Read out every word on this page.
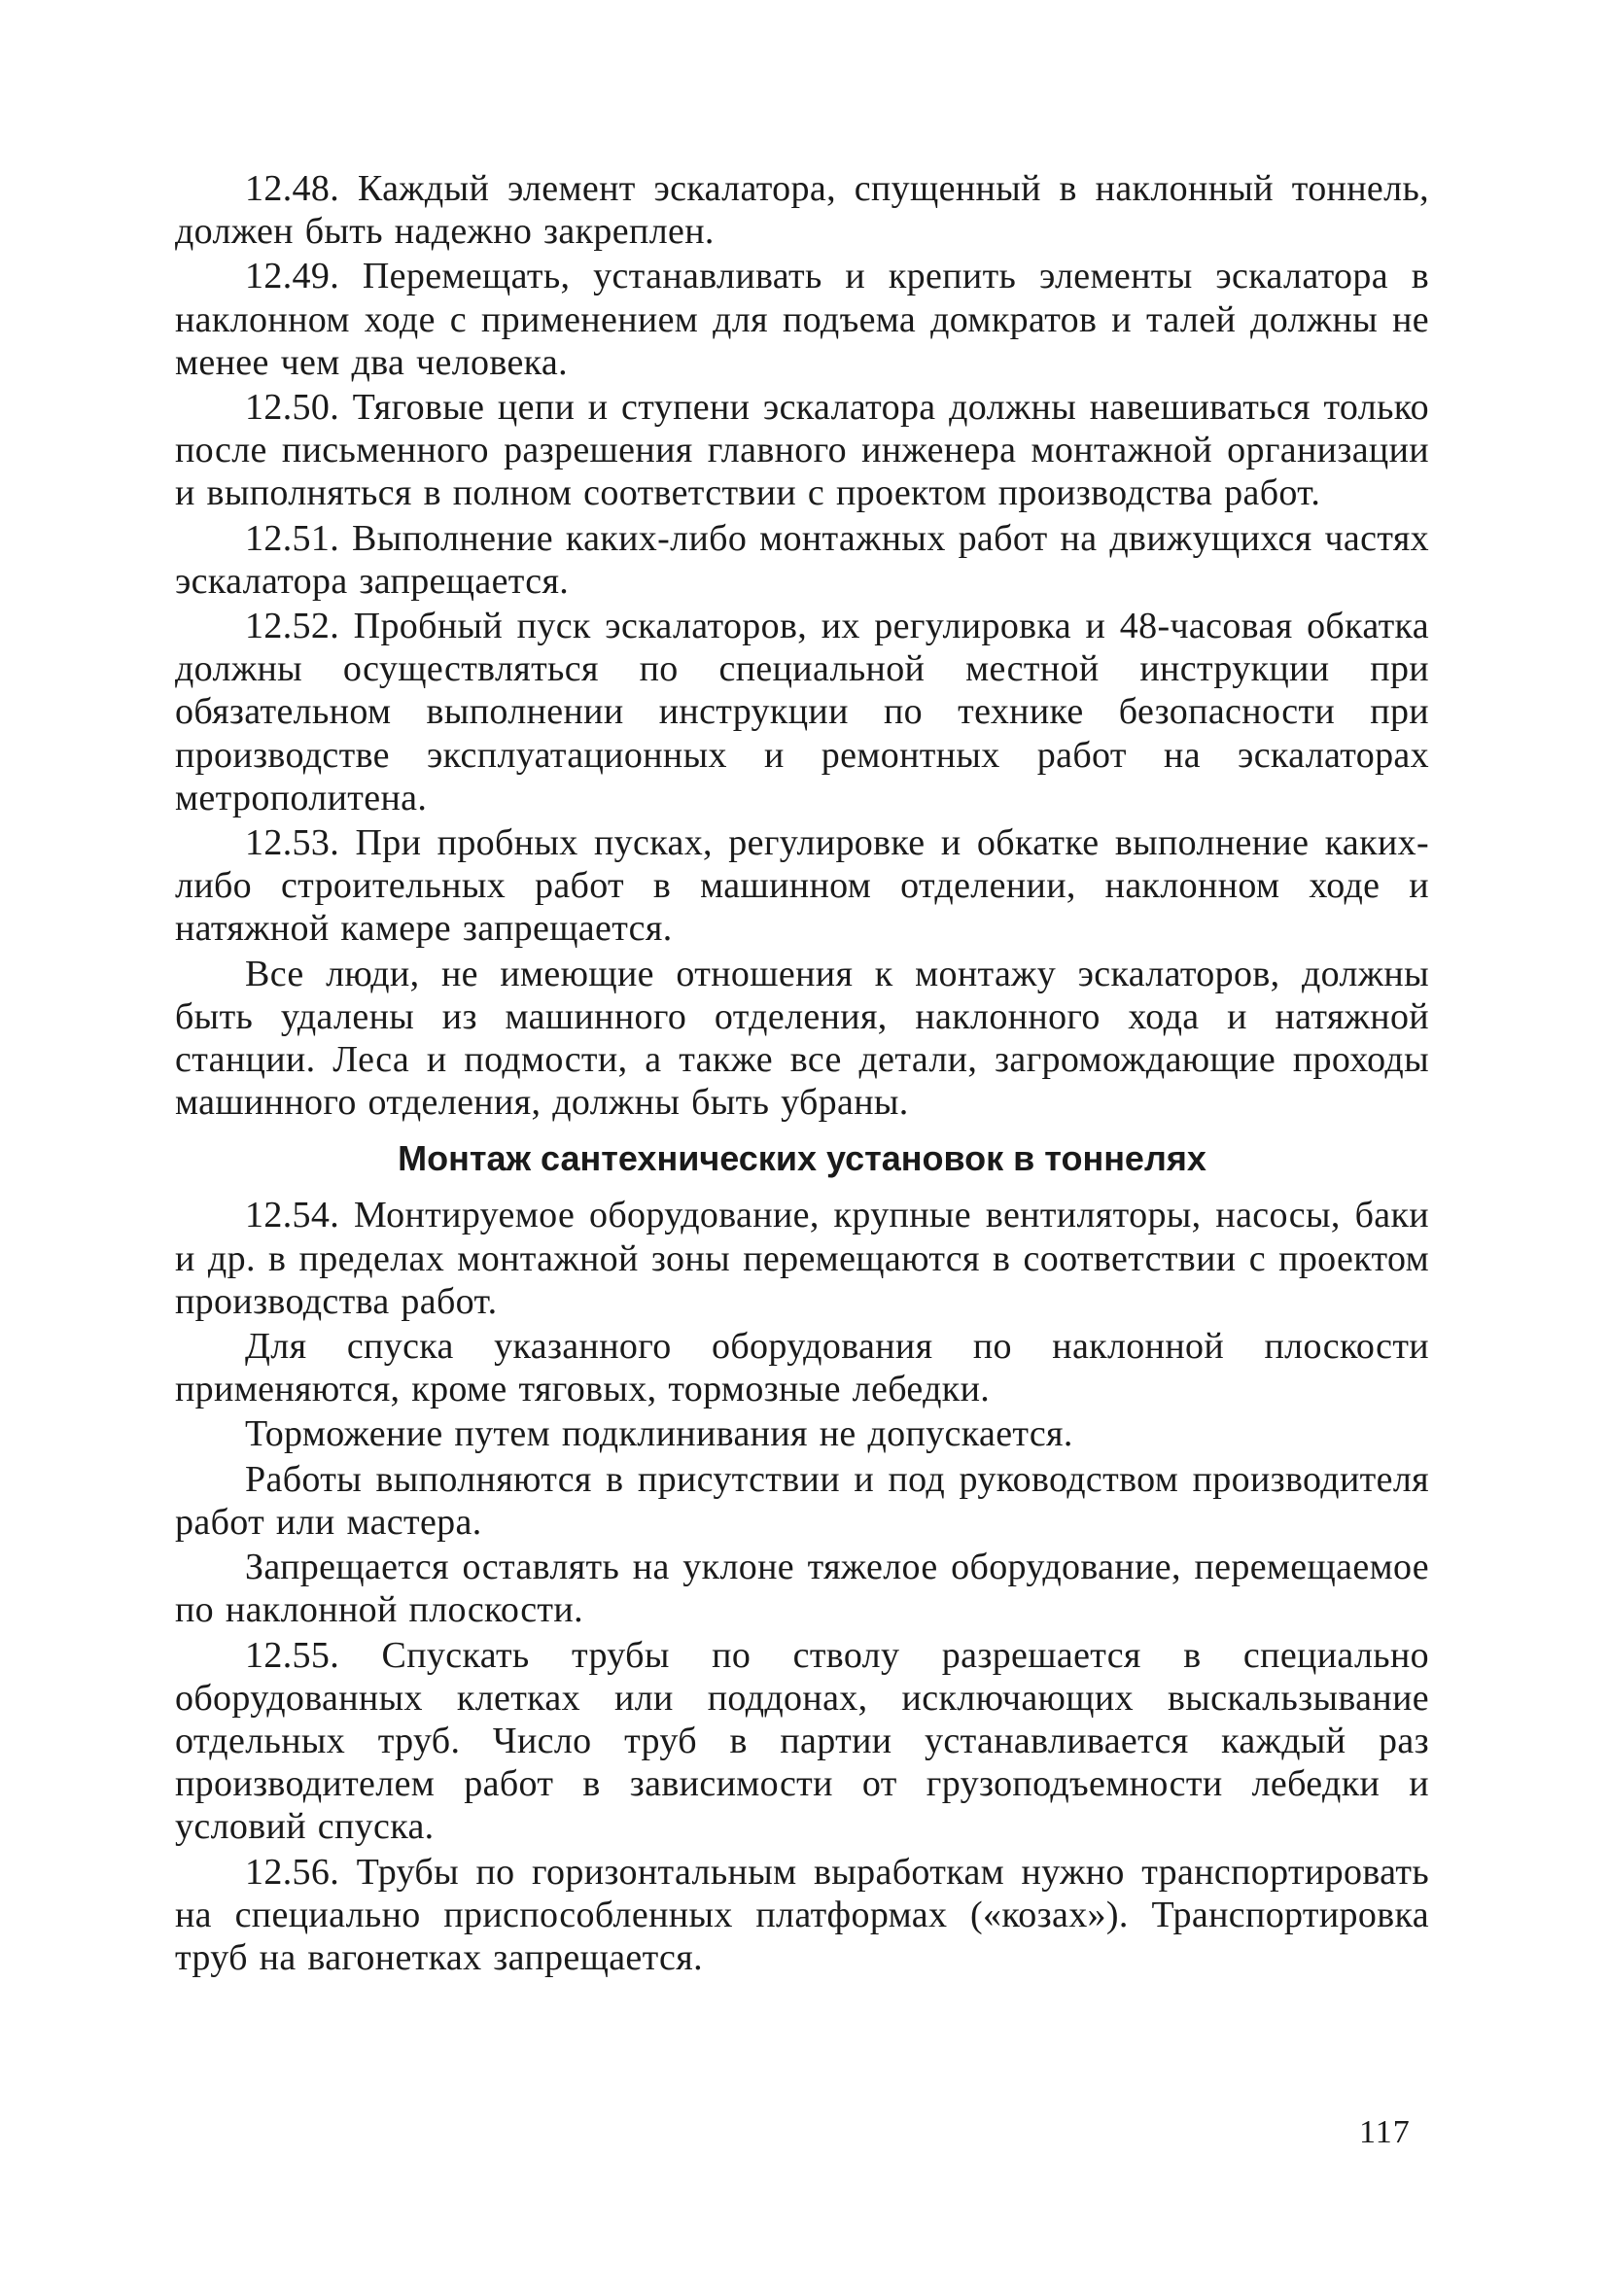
12.48. Каждый элемент эскалатора, спущенный в наклонный тоннель, должен быть надежно закреплен.

12.49. Перемещать, устанавливать и крепить элементы эскалатора в наклонном ходе с применением для подъема домкратов и талей должны не менее чем два человека.

12.50. Тяговые цепи и ступени эскалатора должны навешиваться только после письменного разрешения главного инженера монтажной организации и выполняться в полном соответствии с проектом производства работ.

12.51. Выполнение каких-либо монтажных работ на движущихся частях эскалатора запрещается.

12.52. Пробный пуск эскалаторов, их регулировка и 48-часовая обкатка должны осуществляться по специальной местной инструкции при обязательном выполнении инструкции по технике безопасности при производстве эксплуатационных и ремонтных работ на эскалаторах метрополитена.

12.53. При пробных пусках, регулировке и обкатке выполнение каких-либо строительных работ в машинном отделении, наклонном ходе и натяжной камере запрещается.

Все люди, не имеющие отношения к монтажу эскалаторов, должны быть удалены из машинного отделения, наклонного хода и натяжной станции. Леса и подмости, а также все детали, загромождающие проходы машинного отделения, должны быть убраны.

Монтаж сантехнических установок в тоннелях

12.54. Монтируемое оборудование, крупные вентиляторы, насосы, баки и др. в пределах монтажной зоны перемещаются в соответствии с проектом производства работ.

Для спуска указанного оборудования по наклонной плоскости применяются, кроме тяговых, тормозные лебедки.

Торможение путем подклинивания не допускается.

Работы выполняются в присутствии и под руководством производителя работ или мастера.

Запрещается оставлять на уклоне тяжелое оборудование, перемещаемое по наклонной плоскости.

12.55. Спускать трубы по стволу разрешается в специально оборудованных клетках или поддонах, исключающих выскальзывание отдельных труб. Число труб в партии устанавливается каждый раз производителем работ в зависимости от грузоподъемности лебедки и условий спуска.

12.56. Трубы по горизонтальным выработкам нужно транспортировать на специально приспособленных платформах («козах»). Транспортировка труб на вагонетках запрещается.

117
